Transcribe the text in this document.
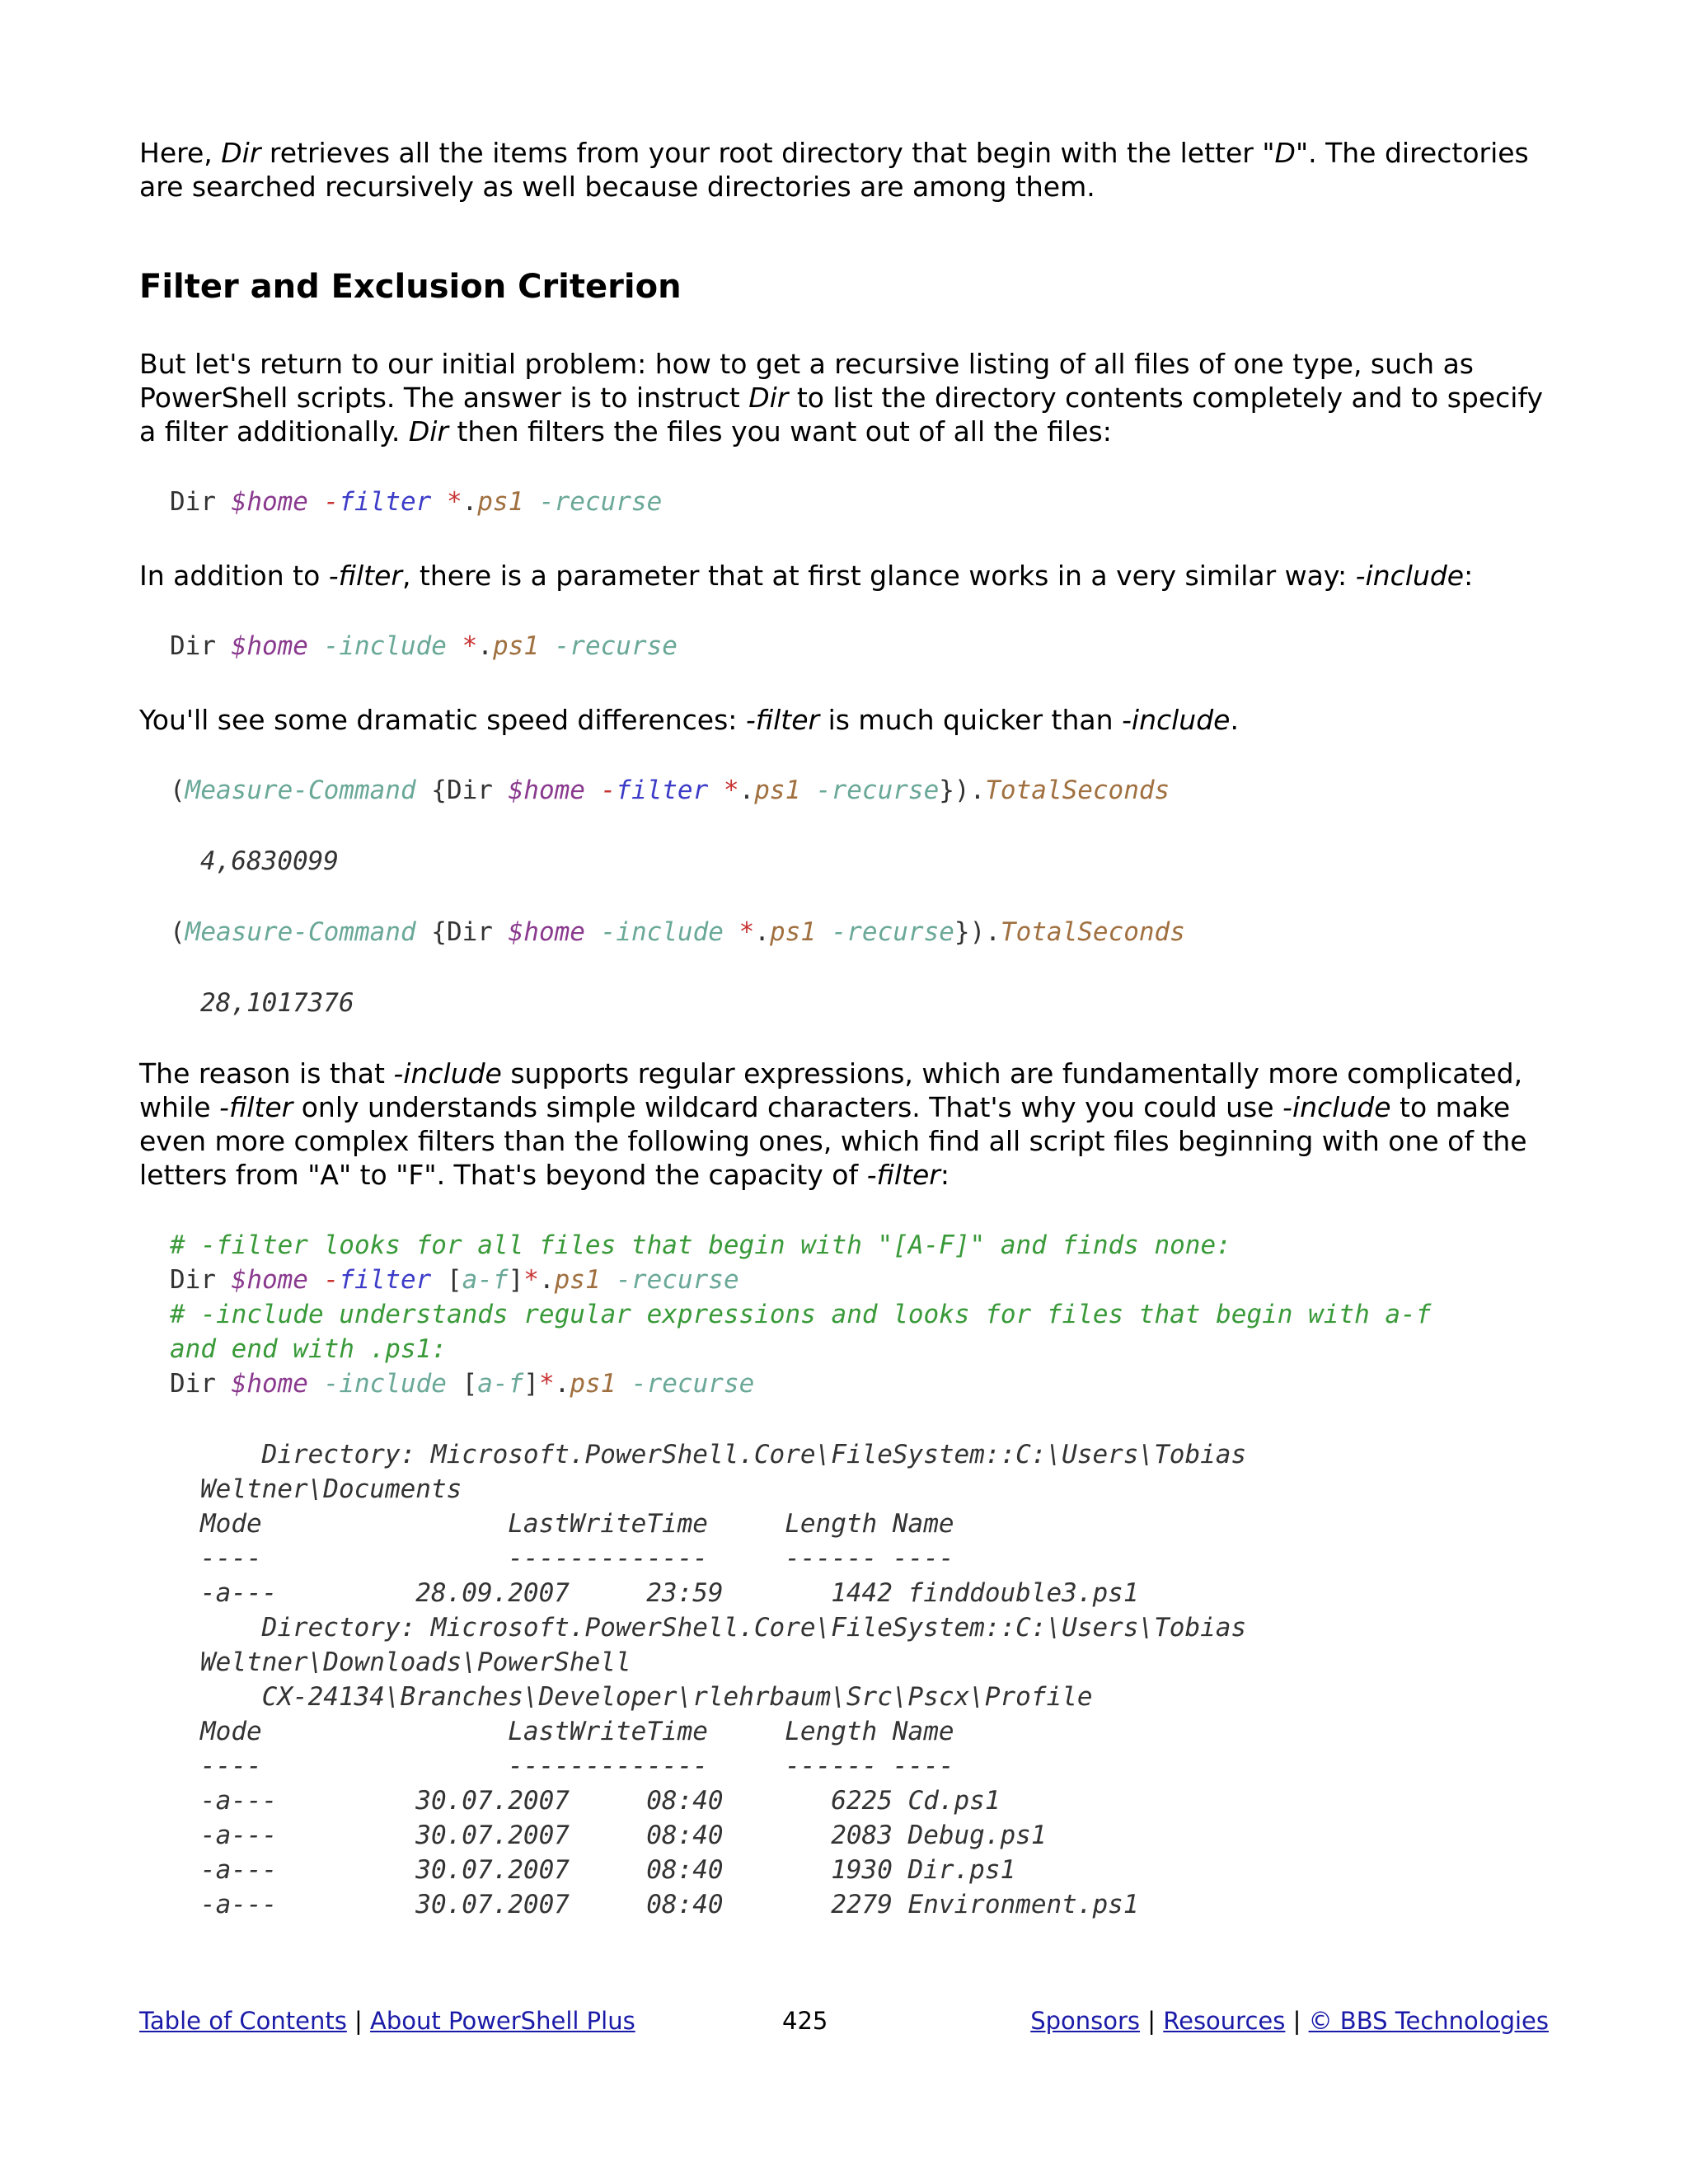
Here, Dir retrieves all the items from your root directory that begin with the letter "D". The directories are searched recursively as well because directories are among them.

Filter and Exclusion Criterion

But let's return to our initial problem: how to get a recursive listing of all files of one type, such as PowerShell scripts. The answer is to instruct Dir to list the directory contents completely and to specify a filter additionally. Dir then filters the files you want out of all the files:

Dir $home -filter *.ps1 -recurse

In addition to -filter, there is a parameter that at first glance works in a very similar way: -include:

Dir $home -include *.ps1 -recurse

You'll see some dramatic speed differences: -filter is much quicker than -include.

(Measure-Command {Dir $home -filter *.ps1 -recurse}).TotalSeconds
4,6830099
(Measure-Command {Dir $home -include *.ps1 -recurse}).TotalSeconds
28,1017376

The reason is that -include supports regular expressions, which are fundamentally more complicated, while -filter only understands simple wildcard characters. That's why you could use -include to make even more complex filters than the following ones, which find all script files beginning with one of the letters from "A" to "F". That's beyond the capacity of -filter:

# -filter looks for all files that begin with "[A-F]" and finds none:
Dir $home -filter [a-f]*.ps1 -recurse
# -include understands regular expressions and looks for files that begin with a-f
and end with .ps1:
Dir $home -include [a-f]*.ps1 -recurse
Directory: Microsoft.PowerShell.Core\FileSystem::C:\Users\Tobias
Weltner\Documents
Mode                LastWriteTime     Length Name
----                -------------     ------ ----
-a---         28.09.2007     23:59       1442 finddouble3.ps1
Directory: Microsoft.PowerShell.Core\FileSystem::C:\Users\Tobias
Weltner\Downloads\PowerShell
CX-24134\Branches\Developer\rlehrbaum\Src\Pscx\Profile
Mode                LastWriteTime     Length Name
----                -------------     ------ ----
-a---         30.07.2007     08:40       6225 Cd.ps1
-a---         30.07.2007     08:40       2083 Debug.ps1
-a---         30.07.2007     08:40       1930 Dir.ps1
-a---         30.07.2007     08:40       2279 Environment.ps1
Table of Contents | About PowerShell Plus	425	Sponsors | Resources | © BBS Technologies
